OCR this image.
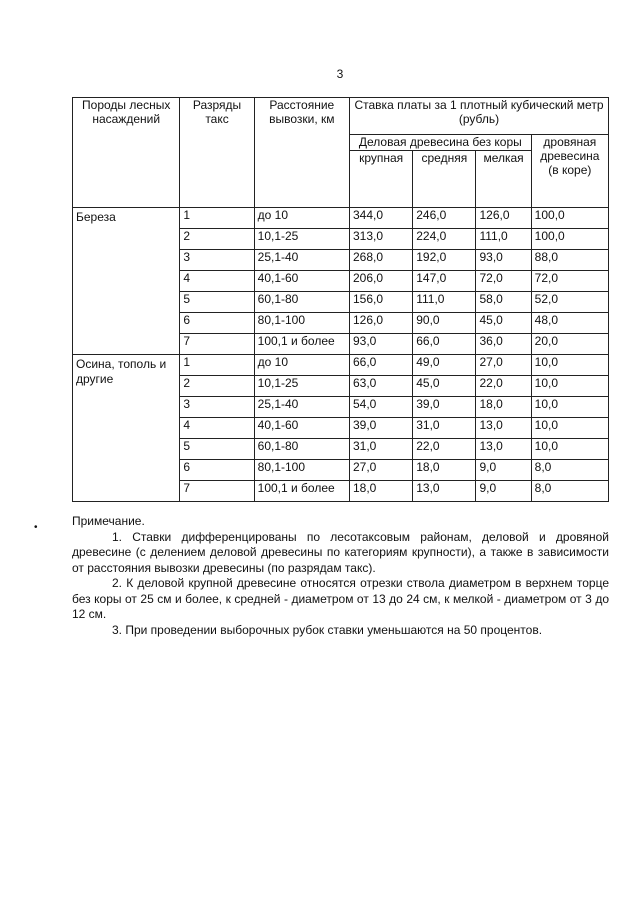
3
Породы лесных насаждений	Разряды такс	Расстояние вывозки, км	Ставка платы за 1 плотный кубический метр (рубль)			
			Деловая древесина без коры			дровяная древесина (в коре)
			крупная	средняя	мелкая	
Береза	1	до 10	344,0	246,0	126,0	100,0
	2	10,1-25	313,0	224,0	111,0	100,0
	3	25,1-40	268,0	192,0	93,0	88,0
	4	40,1-60	206,0	147,0	72,0	72,0
	5	60,1-80	156,0	111,0	58,0	52,0
	6	80,1-100	126,0	90,0	45,0	48,0
	7	100,1 и более	93,0	66,0	36,0	20,0
Осина, тополь и другие	1	до 10	66,0	49,0	27,0	10,0
	2	10,1-25	63,0	45,0	22,0	10,0
	3	25,1-40	54,0	39,0	18,0	10,0
	4	40,1-60	39,0	31,0	13,0	10,0
	5	60,1-80	31,0	22,0	13,0	10,0
	6	80,1-100	27,0	18,0	9,0	8,0
	7	100,1 и более	18,0	13,0	9,0	8,0
•	Примечание.

1. Ставки дифференцированы по лесотаксовым районам, деловой и дровяной древесине (с делением деловой древесины по категориям крупности), а также в зависимости от расстояния вывозки древесины (по разрядам такс).

2. К деловой крупной древесине относятся отрезки ствола диаметром в верхнем торце без коры от 25 см и более, к средней - диаметром от 13 до 24 см, к мелкой - диаметром от 3 до 12 см.

3. При проведении выборочных рубок ставки уменьшаются на 50 процентов.
